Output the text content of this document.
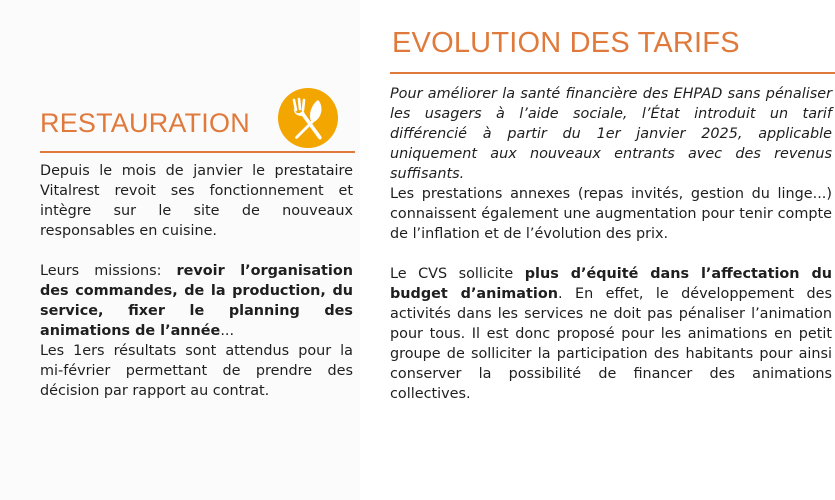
RESTAURATION

Depuis le mois de janvier le prestataire Vitalrest revoit ses fonctionnement et intègre sur le site de nouveaux responsables en cuisine.

Leurs missions: revoir l’organisation des commandes, de la production, du service, fixer le planning des animations de l’année...

Les 1ers résultats sont attendus pour la mi-février permettant de prendre des décision par rapport au contrat.

EVOLUTION DES TARIFS

Pour améliorer la santé financière des EHPAD sans pénaliser les usagers à l’aide sociale, l’État introduit un tarif différencié à partir du 1er janvier 2025, applicable uniquement aux nouveaux entrants avec des revenus suffisants.

Les prestations annexes (repas invités, gestion du linge...) connaissent également une augmentation pour tenir compte de l’inflation et de l’évolution des prix.

Le CVS sollicite plus d’équité dans l’affectation du budget d’animation. En effet, le développement des activités dans les services ne doit pas pénaliser l’animation pour tous. Il est donc proposé pour les animations en petit groupe de solliciter la participation des habitants pour ainsi conserver la possibilité de financer des animations collectives.
